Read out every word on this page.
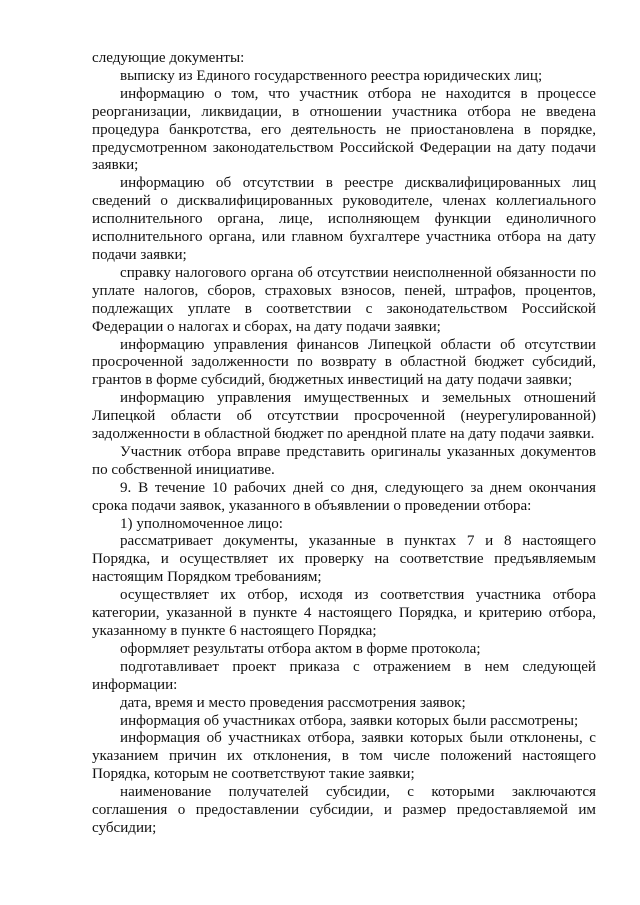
следующие документы:

выписку из Единого государственного реестра юридических лиц;

информацию о том, что участник отбора не находится в процессе реорганизации, ликвидации, в отношении участника отбора не введена процедура банкротства, его деятельность не приостановлена в порядке, предусмотренном законодательством Российской Федерации на дату подачи заявки;

информацию об отсутствии в реестре дисквалифицированных лиц сведений о дисквалифицированных руководителе, членах коллегиального исполнительного органа, лице, исполняющем функции единоличного исполнительного органа, или главном бухгалтере участника отбора на дату подачи заявки;

справку налогового органа об отсутствии неисполненной обязанности по уплате налогов, сборов, страховых взносов, пеней, штрафов, процентов, подлежащих уплате в соответствии с законодательством Российской Федерации о налогах и сборах, на дату подачи заявки;

информацию управления финансов Липецкой области об отсутствии просроченной задолженности по возврату в областной бюджет субсидий, грантов в форме субсидий, бюджетных инвестиций на дату подачи заявки;

информацию управления имущественных и земельных отношений Липецкой области об отсутствии просроченной (неурегулированной) задолженности в областной бюджет по арендной плате на дату подачи заявки.

Участник отбора вправе представить оригиналы указанных документов по собственной инициативе.

9. В течение 10 рабочих дней со дня, следующего за днем окончания срока подачи заявок, указанного в объявлении о проведении отбора:

1) уполномоченное лицо:

рассматривает документы, указанные в пунктах 7 и 8 настоящего Порядка, и осуществляет их проверку на соответствие предъявляемым настоящим Порядком требованиям;

осуществляет их отбор, исходя из соответствия участника отбора категории, указанной в пункте 4 настоящего Порядка, и критерию отбора, указанному в пункте 6 настоящего Порядка;

оформляет результаты отбора актом в форме протокола;

подготавливает проект приказа с отражением в нем следующей информации:

дата, время и место проведения рассмотрения заявок;

информация об участниках отбора, заявки которых были рассмотрены;

информация об участниках отбора, заявки которых были отклонены, с указанием причин их отклонения, в том числе положений настоящего Порядка, которым не соответствуют такие заявки;

наименование получателей субсидии, с которыми заключаются соглашения о предоставлении субсидии, и размер предоставляемой им субсидии;
